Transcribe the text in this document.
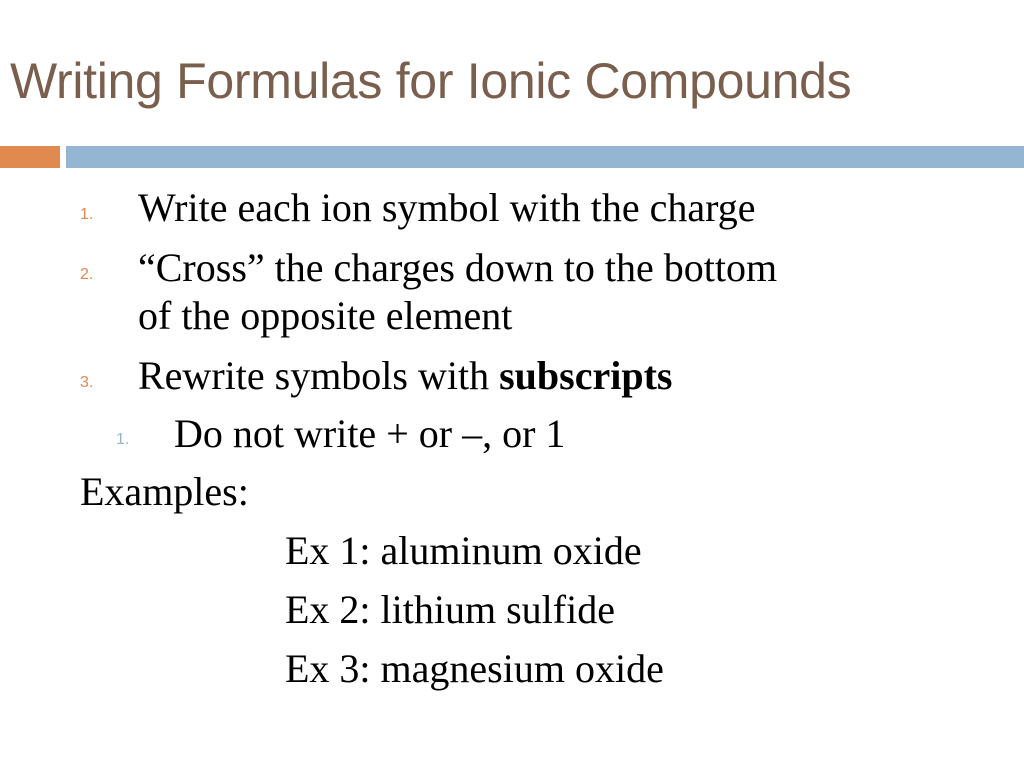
Writing Formulas for Ionic Compounds
1. Write each ion symbol with the charge
2. “Cross” the charges down to the bottom
of the opposite element
3. Rewrite symbols with subscripts
1. Do not write + or –, or 1
Examples:
Ex 1: aluminum oxide
Ex 2: lithium sulfide
Ex 3: magnesium oxide
